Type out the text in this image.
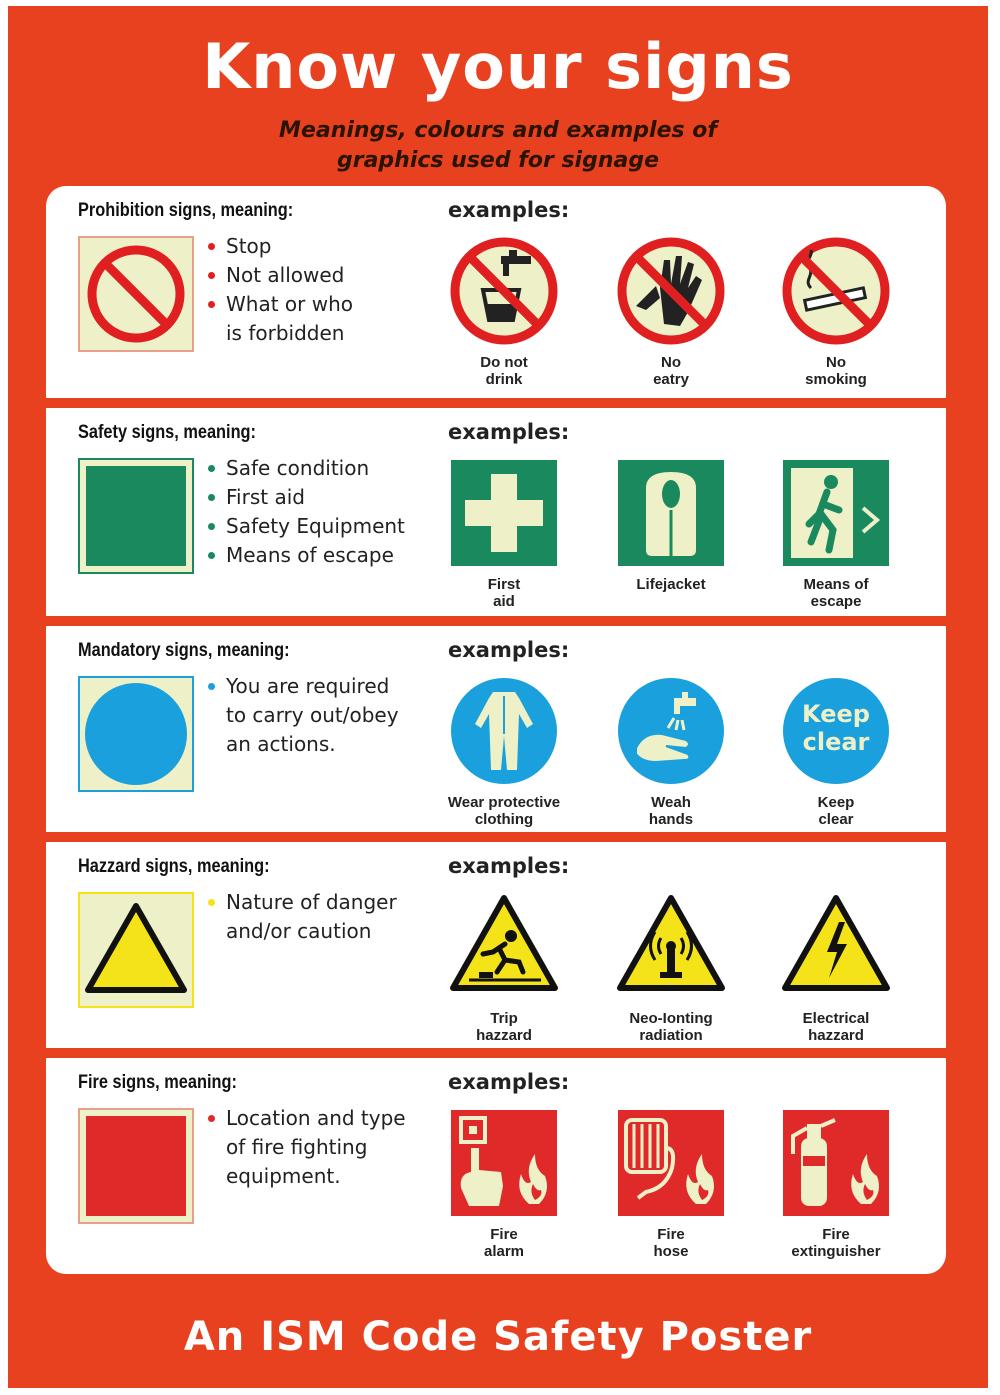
Know your signs
Meanings, colours and examples of
graphics used for signage
Prohibition signs, meaning:	examples:
Stop
Not allowed
What or who
is forbidden
Do not
drink
No
eatry
No
smoking
Safety signs, meaning:	examples:
Safe condition
First aid
Safety Equipment
Means of escape
First
aid
Lifejacket	Means of
escape
Mandatory signs, meaning:	examples:
You are required
to carry out/obey
an actions.
Wear protective
clothing
Weah
hands
Keep
clear
Keep
clear
Hazzard signs, meaning:	examples:
Nature of danger
and/or caution
Trip
hazzard
Neo-Ionting
radiation
Electrical
hazzard
Fire signs, meaning:	examples:
Location and type
of fire fighting
equipment.
Fire
alarm
Fire
hose
Fire
extinguisher
An ISM Code Safety Poster
